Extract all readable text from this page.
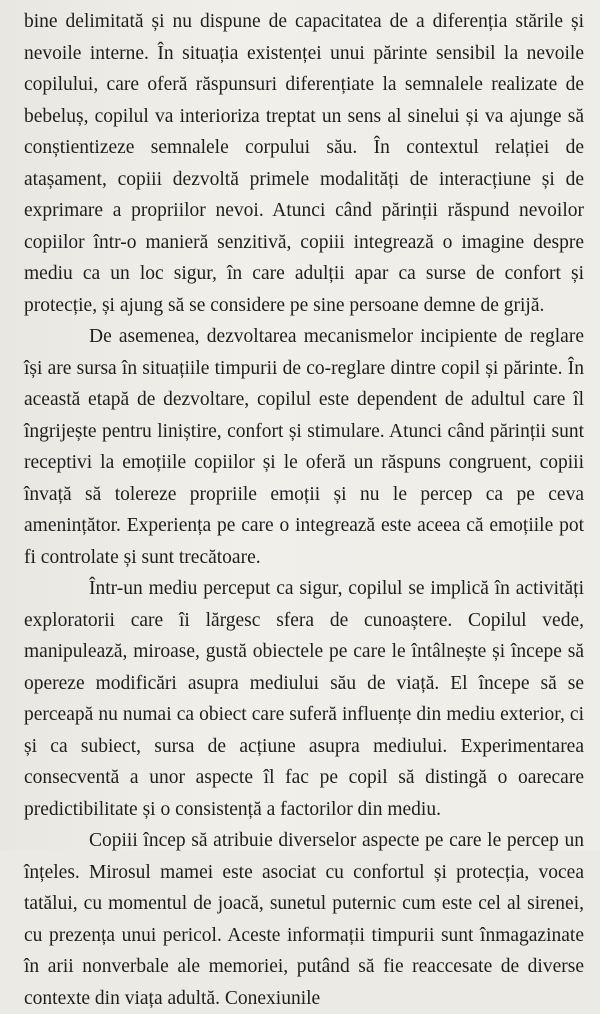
bine delimitată și nu dispune de capacitatea de a diferenția stările și nevoile interne. În situația existenței unui părinte sensibil la nevoile copilului, care oferă răspunsuri diferențiate la semnalele realizate de bebeluș, copilul va interioriza treptat un sens al sinelui și va ajunge să conștientizeze semnalele corpului său. În contextul relației de atașament, copiii dezvoltă primele modalități de interacțiune și de exprimare a propriilor nevoi. Atunci când părinții răspund nevoilor copiilor într-o manieră senzitivă, copiii integrează o imagine despre mediu ca un loc sigur, în care adulții apar ca surse de confort și protecție, și ajung să se considere pe sine persoane demne de grijă.

De asemenea, dezvoltarea mecanismelor incipiente de reglare își are sursa în situațiile timpurii de co-reglare dintre copil și părinte. În această etapă de dezvoltare, copilul este dependent de adultul care îl îngrijește pentru liniștire, confort și stimulare. Atunci când părinții sunt receptivi la emoțiile copiilor și le oferă un răspuns congruent, copiii învață să tolereze propriile emoții și nu le percep ca pe ceva amenințător. Experiența pe care o integrează este aceea că emoțiile pot fi controlate și sunt trecătoare.

Într-un mediu perceput ca sigur, copilul se implică în activități exploratorii care îi lărgesc sfera de cunoaștere. Copilul vede, manipulează, miroase, gustă obiectele pe care le întâlnește și începe să opereze modificări asupra mediului său de viață. El începe să se perceapă nu numai ca obiect care suferă influențe din mediu exterior, ci și ca subiect, sursa de acțiune asupra mediului. Experimentarea consecventă a unor aspecte îl fac pe copil să distingă o oarecare predictibilitate și o consistență a factorilor din mediu.

Copiii încep să atribuie diverselor aspecte pe care le percep un înțeles. Mirosul mamei este asociat cu confortul și protecția, vocea tatălui, cu momentul de joacă, sunetul puternic cum este cel al sirenei, cu prezența unui pericol. Aceste informații timpurii sunt înmagazinate în arii nonverbale ale memoriei, putând să fie reaccesate de diverse contexte din viața adultă. Conexiunile
